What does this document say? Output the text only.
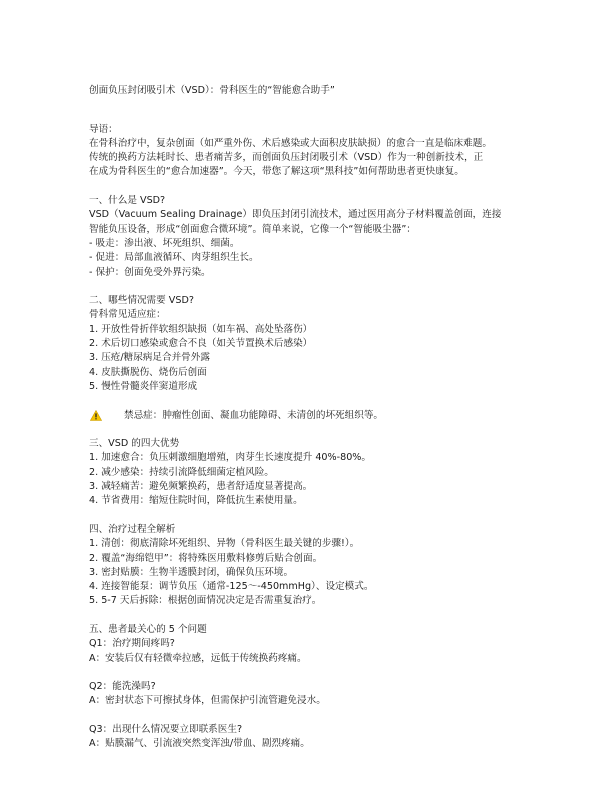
创面负压封闭吸引术（VSD）：骨科医生的“智能愈合助手”
导语：
在骨科治疗中，复杂创面（如严重外伤、术后感染或大面积皮肤缺损）的愈合一直是临床难题。
传统的换药方法耗时长、患者痛苦多，而创面负压封闭吸引术（VSD）作为一种创新技术，正
在成为骨科医生的“愈合加速器”。今天，带您了解这项“黑科技”如何帮助患者更快康复。
一、什么是 VSD?
VSD（Vacuum Sealing Drainage）即负压封闭引流技术，通过医用高分子材料覆盖创面，连接
智能负压设备，形成“创面愈合微环境”。简单来说，它像一个“智能吸尘器”：
- 吸走：渗出液、坏死组织、细菌。
- 促进：局部血液循环、肉芽组织生长。
- 保护：创面免受外界污染。
二、哪些情况需要 VSD?
骨科常见适应症：
1. 开放性骨折伴软组织缺损（如车祸、高处坠落伤）
2. 术后切口感染或愈合不良（如关节置换术后感染）
3. 压疮/糖尿病足合并骨外露
4. 皮肤撕脱伤、烧伤后创面
5. 慢性骨髓炎伴窦道形成
禁忌症：肿瘤性创面、凝血功能障碍、未清创的坏死组织等。
三、VSD 的四大优势
1. 加速愈合：负压刺激细胞增殖，肉芽生长速度提升 40%-80%。
2. 减少感染：持续引流降低细菌定植风险。
3. 减轻痛苦：避免频繁换药，患者舒适度显著提高。
4. 节省费用：缩短住院时间，降低抗生素使用量。
四、治疗过程全解析
1. 清创：彻底清除坏死组织、异物（骨科医生最关键的步骤!）。
2. 覆盖“海绵铠甲”：将特殊医用敷料修剪后贴合创面。
3. 密封贴膜：生物半透膜封闭，确保负压环境。
4. 连接智能泵：调节负压（通常-125～-450mmHg）、设定模式。
5. 5-7 天后拆除：根据创面情况决定是否需重复治疗。
五、患者最关心的 5 个问题
Q1：治疗期间疼吗?
A：安装后仅有轻微牵拉感，远低于传统换药疼痛。
Q2：能洗澡吗?
A：密封状态下可擦拭身体，但需保护引流管避免浸水。
Q3：出现什么情况要立即联系医生?
A：贴膜漏气、引流液突然变浑浊/带血、剧烈疼痛。
